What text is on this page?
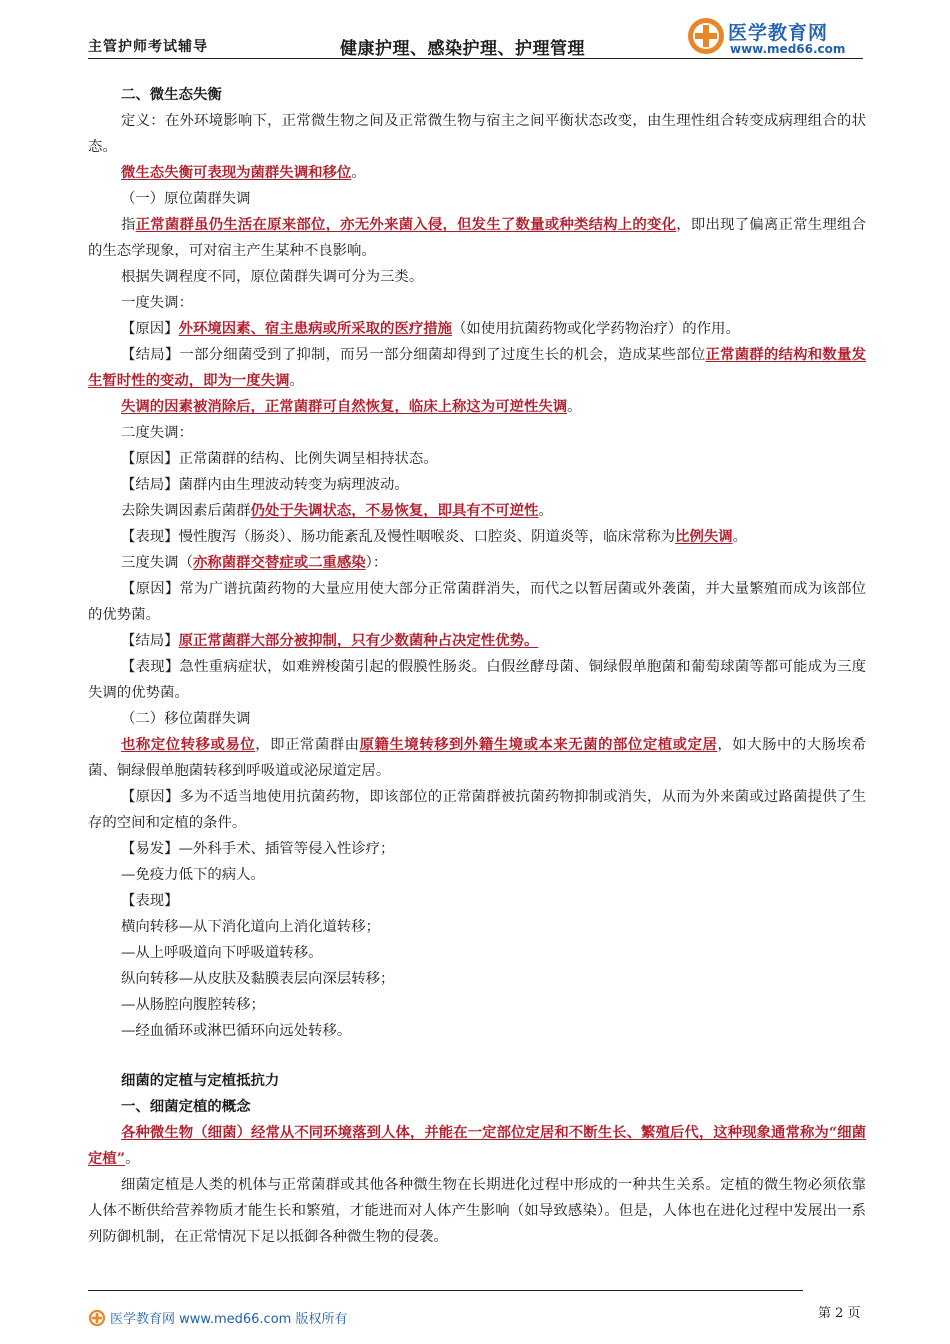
主管护师考试辅导	健康护理、感染护理、护理管理
医学教育网
www.med66.com

二、微生态失衡

定义：在外环境影响下，正常微生物之间及正常微生物与宿主之间平衡状态改变，由生理性组合转变成病理组合的状态。

微生态失衡可表现为菌群失调和移位。

（一）原位菌群失调

指正常菌群虽仍生活在原来部位，亦无外来菌入侵，但发生了数量或种类结构上的变化，即出现了偏离正常生理组合的生态学现象，可对宿主产生某种不良影响。

根据失调程度不同，原位菌群失调可分为三类。

一度失调：

【原因】外环境因素、宿主患病或所采取的医疗措施（如使用抗菌药物或化学药物治疗）的作用。

【结局】一部分细菌受到了抑制，而另一部分细菌却得到了过度生长的机会，造成某些部位正常菌群的结构和数量发生暂时性的变动，即为一度失调。

失调的因素被消除后，正常菌群可自然恢复，临床上称这为可逆性失调。

二度失调：

【原因】正常菌群的结构、比例失调呈相持状态。

【结局】菌群内由生理波动转变为病理波动。

去除失调因素后菌群仍处于失调状态，不易恢复，即具有不可逆性。

【表现】慢性腹泻（肠炎）、肠功能紊乱及慢性咽喉炎、口腔炎、阴道炎等，临床常称为比例失调。

三度失调（亦称菌群交替症或二重感染）：

【原因】常为广谱抗菌药物的大量应用使大部分正常菌群消失，而代之以暂居菌或外袭菌，并大量繁殖而成为该部位的优势菌。

【结局】原正常菌群大部分被抑制，只有少数菌种占决定性优势。

【表现】急性重病症状，如难辨梭菌引起的假膜性肠炎。白假丝酵母菌、铜绿假单胞菌和葡萄球菌等都可能成为三度失调的优势菌。

（二）移位菌群失调

也称定位转移或易位，即正常菌群由原籍生境转移到外籍生境或本来无菌的部位定植或定居，如大肠中的大肠埃希菌、铜绿假单胞菌转移到呼吸道或泌尿道定居。

【原因】多为不适当地使用抗菌药物，即该部位的正常菌群被抗菌药物抑制或消失，从而为外来菌或过路菌提供了生存的空间和定植的条件。

【易发】—外科手术、插管等侵入性诊疗；

—免疫力低下的病人。

【表现】

横向转移—从下消化道向上消化道转移；

—从上呼吸道向下呼吸道转移。

纵向转移—从皮肤及黏膜表层向深层转移；

—从肠腔向腹腔转移；

—经血循环或淋巴循环向远处转移。

细菌的定植与定植抵抗力

一、细菌定植的概念

各种微生物（细菌）经常从不同环境落到人体，并能在一定部位定居和不断生长、繁殖后代，这种现象通常称为“细菌定植”。

细菌定植是人类的机体与正常菌群或其他各种微生物在长期进化过程中形成的一种共生关系。定植的微生物必须依靠人体不断供给营养物质才能生长和繁殖，才能进而对人体产生影响（如导致感染）。但是，人体也在进化过程中发展出一系列防御机制，在正常情况下足以抵御各种微生物的侵袭。

医学教育网 www.med66.com 版权所有	第 2 页
